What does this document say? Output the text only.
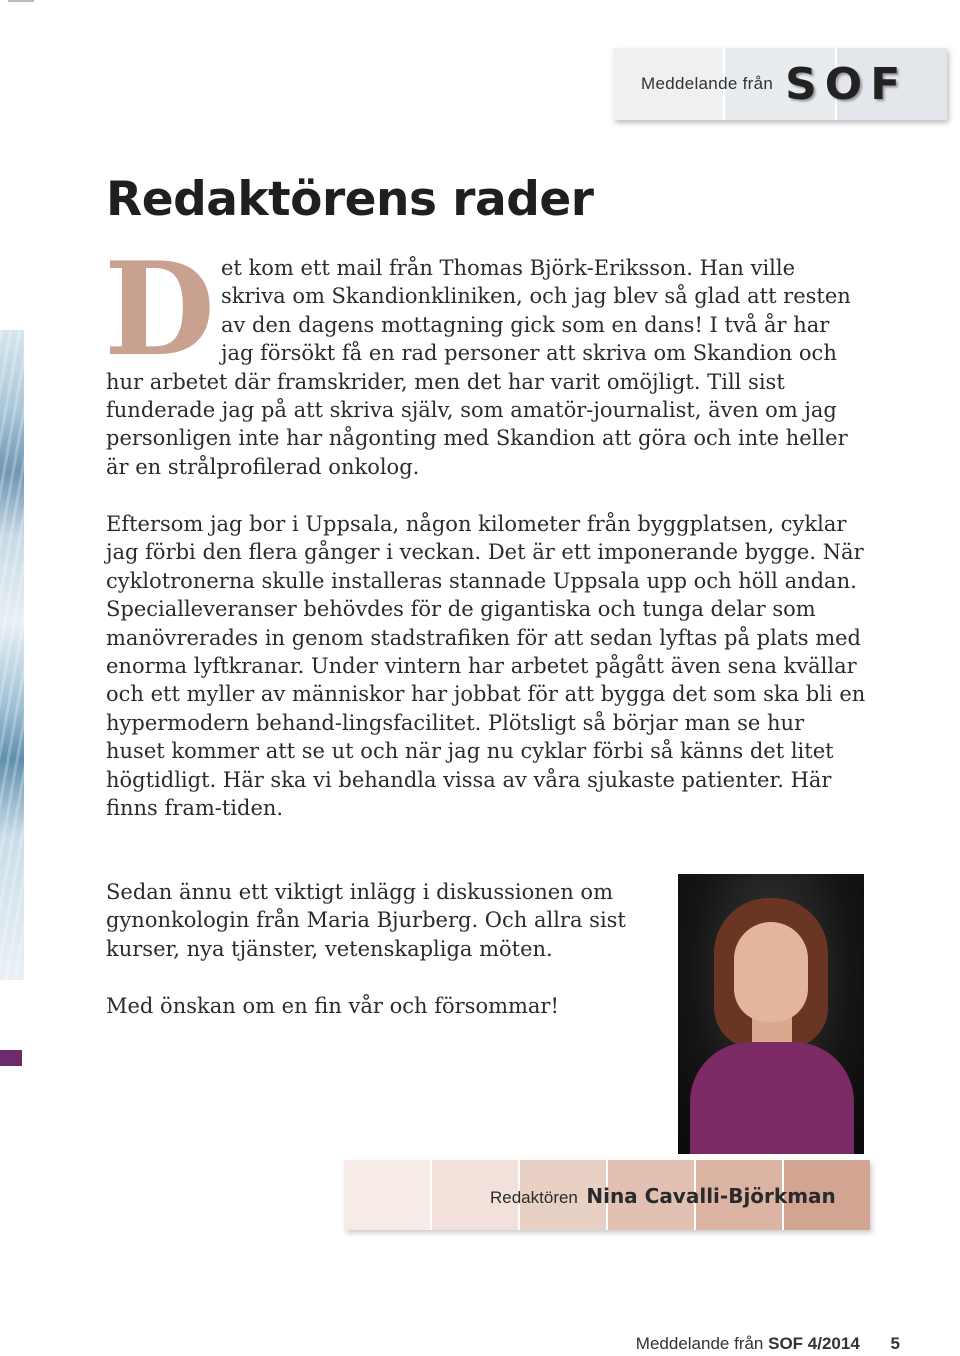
Meddelande från SOF
Redaktörens rader
D et kom ett mail från Thomas Björk-Eriksson. Han ville skriva om Skandionkliniken, och jag blev så glad att resten av den dagens mottagning gick som en dans! I två år har jag försökt få en rad personer att skriva om Skandion och hur arbetet där framskrider, men det har varit omöjligt. Till sist funderade jag på att skriva själv, som amatör-journalist, även om jag personligen inte har någonting med Skandion att göra och inte heller är en strålprofilerad onkolog.

Eftersom jag bor i Uppsala, någon kilometer från byggplatsen, cyklar jag förbi den flera gånger i veckan. Det är ett imponerande bygge. När cyklotronerna skulle installeras stannade Uppsala upp och höll andan. Specialleveranser behövdes för de gigantiska och tunga delar som manövrerades in genom stadstrafiken för att sedan lyftas på plats med enorma lyftkranar. Under vintern har arbetet pågått även sena kvällar och ett myller av människor har jobbat för att bygga det som ska bli en hypermodern behand-lingsfacilitet. Plötsligt så börjar man se hur huset kommer att se ut och när jag nu cyklar förbi så känns det litet högtidligt. Här ska vi behandla vissa av våra sjukaste patienter. Här finns fram-tiden.

Sedan ännu ett viktigt inlägg i diskussionen om gynonkologin från Maria Bjurberg. Och allra sist kurser, nya tjänster, vetenskapliga möten.

Med önskan om en fin vår och försommar!

Redaktören Nina Cavalli-Björkman
Meddelande från SOF 4/2014 5
